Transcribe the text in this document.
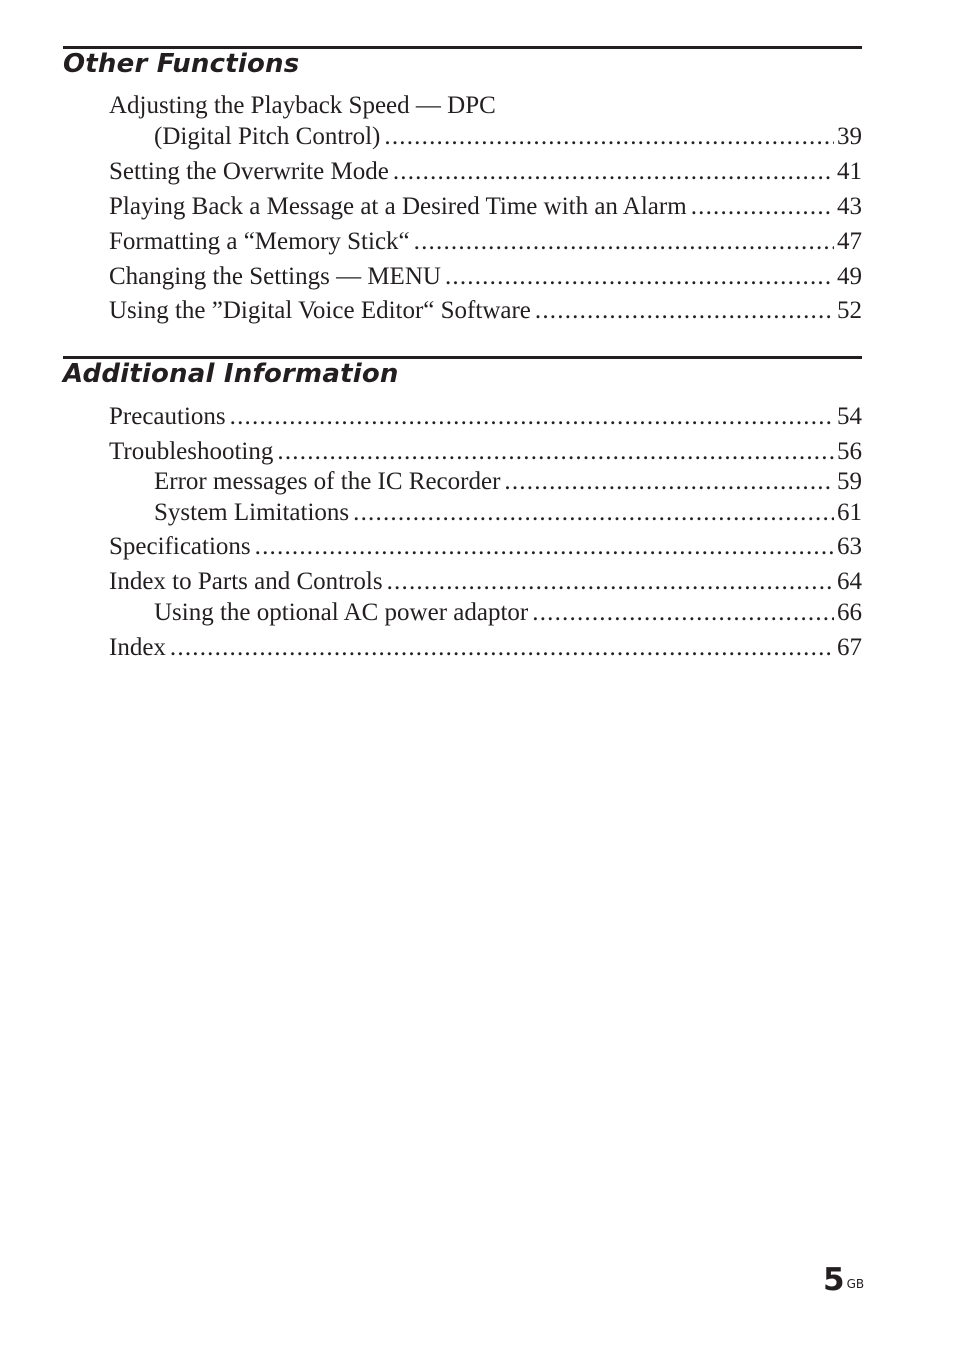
Other Functions
Adjusting the Playback Speed — DPC
(Digital Pitch Control) .....	39
Setting the Overwrite Mode .....	41
Playing Back a Message at a Desired Time with an Alarm .....	43
Formatting a “Memory Stick“ .....	47
Changing the Settings — MENU .....	49
Using the ”Digital Voice Editor“ Software .....	52
Additional Information
Precautions .....	54
Troubleshooting .....	56
Error messages of the IC Recorder .....	59
System Limitations .....	61
Specifications .....	63
Index to Parts and Controls .....	64
Using the optional AC power adaptor .....	66
Index .....	67
5 $^{GB}$
